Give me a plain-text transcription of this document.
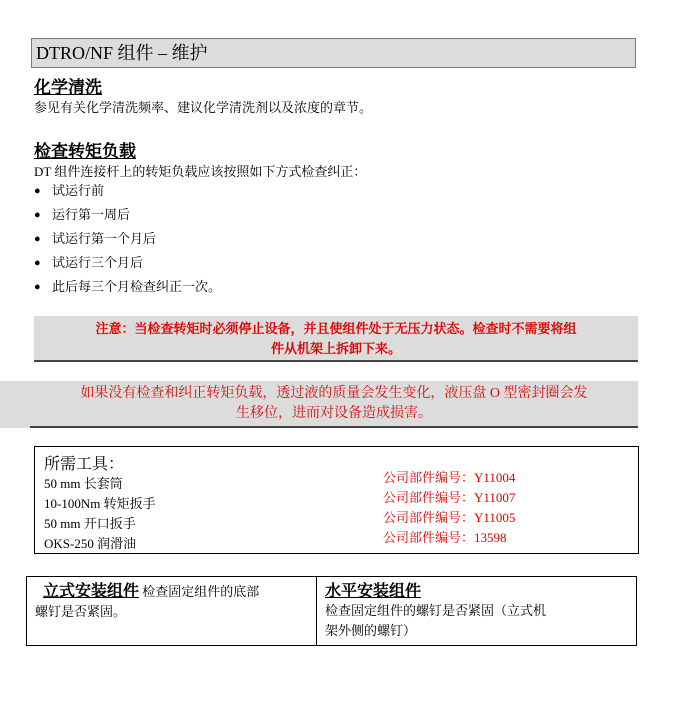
DTRO/NF 组件 – 维护
化学清洗
参见有关化学清洗频率、建议化学清洗剂以及浓度的章节。
检查转矩负载
DT 组件连接杆上的转矩负载应该按照如下方式检查纠正：
● 试运行前
● 运行第一周后
● 试运行第一个月后
● 试运行三个月后
● 此后每三个月检查纠正一次。
注意：当检查转矩时必须停止设备，并且使组件处于无压力状态。检查时不需要将组
件从机架上拆卸下来。
如果没有检查和纠正转矩负载，透过液的质量会发生变化，液压盘 O 型密封圈会发
生移位，进而对设备造成损害。
所需工具：
50 mm 长套筒
10-100Nm 转矩扳手
50 mm 开口扳手
OKS-250 润滑油
公司部件编号：Y11004
公司部件编号：Y11007
公司部件编号：Y11005
公司部件编号：13598
立式安装组件 检查固定组件的底部
螺钉是否紧固。
水平安装组件
检查固定组件的螺钉是否紧固（立式机
架外侧的螺钉）
